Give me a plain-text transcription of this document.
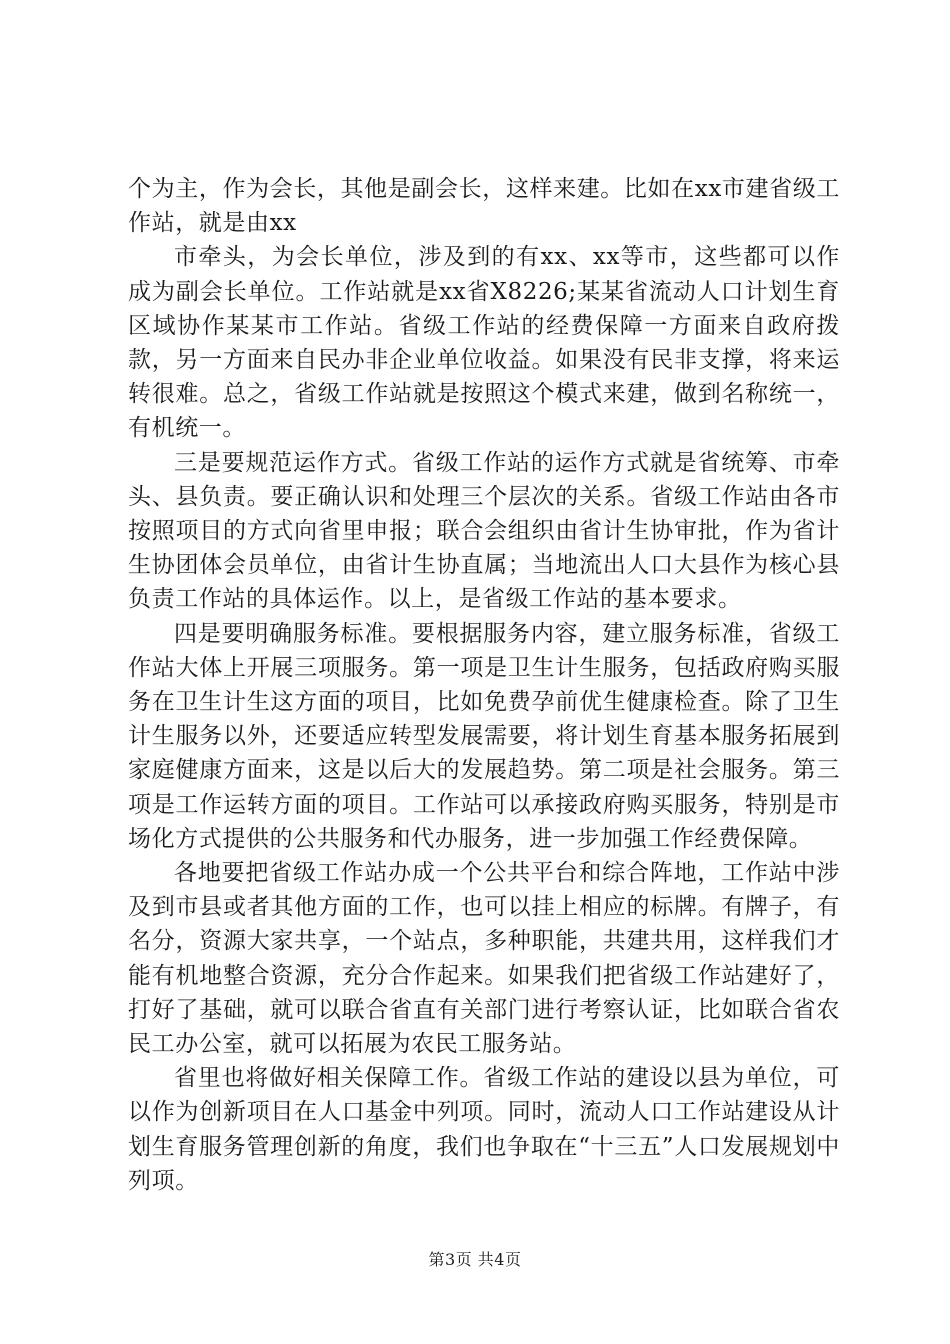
个为主，作为会长，其他是副会长，这样来建。比如在xx市建省级工作站，就是由xx

市牵头，为会长单位，涉及到的有xx、xx等市，这些都可以作成为副会长单位。工作站就是xx省X8226;某某省流动人口计划生育区域协作某某市工作站。省级工作站的经费保障一方面来自政府拨款，另一方面来自民办非企业单位收益。如果没有民非支撑，将来运转很难。总之，省级工作站就是按照这个模式来建，做到名称统一，有机统一。

三是要规范运作方式。省级工作站的运作方式就是省统筹、市牵头、县负责。要正确认识和处理三个层次的关系。省级工作站由各市按照项目的方式向省里申报；联合会组织由省计生协审批，作为省计生协团体会员单位，由省计生协直属；当地流出人口大县作为核心县负责工作站的具体运作。以上，是省级工作站的基本要求。

四是要明确服务标准。要根据服务内容，建立服务标准，省级工作站大体上开展三项服务。第一项是卫生计生服务，包括政府购买服务在卫生计生这方面的项目，比如免费孕前优生健康检查。除了卫生计生服务以外，还要适应转型发展需要，将计划生育基本服务拓展到家庭健康方面来，这是以后大的发展趋势。第二项是社会服务。第三项是工作运转方面的项目。工作站可以承接政府购买服务，特别是市场化方式提供的公共服务和代办服务，进一步加强工作经费保障。

各地要把省级工作站办成一个公共平台和综合阵地，工作站中涉及到市县或者其他方面的工作，也可以挂上相应的标牌。有牌子，有名分，资源大家共享，一个站点，多种职能，共建共用，这样我们才能有机地整合资源，充分合作起来。如果我们把省级工作站建好了，打好了基础，就可以联合省直有关部门进行考察认证，比如联合省农民工办公室，就可以拓展为农民工服务站。

省里也将做好相关保障工作。省级工作站的建设以县为单位，可以作为创新项目在人口基金中列项。同时，流动人口工作站建设从计划生育服务管理创新的角度，我们也争取在“十三五”人口发展规划中列项。

第3页 共4页
